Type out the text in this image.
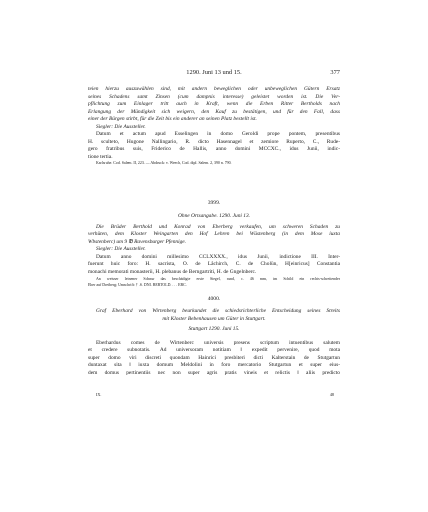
1290. Juni 13 und 15.	377
teien hierzu auszuwählen sind, mit andern beweglichen oder unbeweglichen Gütern Ersatz
seines Schadens samt Zinsen (cum dampnis interesse) geleistet worden ist. Die Ver-
pflichtung zum Einlager tritt auch in Kraft, wenn die Erben Ritter Bertholds nach
Erlangung der Mündigkeit sich weigern, den Kauf zu bestätigen, und für den Fall, dass
einer der Bürgen stirbt, für die Zeit bis ein anderer an seinen Platz bestellt ist.
Siegler: Die Aussteller.
Datum et actum apud Esselingen in domo Geroldi prope pontem, presentibus
H. sculteto, Hugone Nallingario, R. dicto Hasennagel et zemiore Ruperto, C., Rude-
gero fratribus suis, Friderico de Hallis, anno domini MCCXC., idus Junii, indic-
tione tertia.
Karlsruhe. Cod. Salem. II, 223. — Abdruck: v. Weech, Cod. dipl. Salem. 2, 390 n. 790.
3999.
Ohne Ortsangabe. 1290. Juni 13.
Die Brüder Berthold und Konrad von Eberberg verkaufen, um schweren Schaden zu
verhüten, dem Kloster Weingarten den Hof Lehren bei Wüstenberg (in dem Mose iuxta
Wbstenberc) um 9 ℔ Ravensburger Pfennige.
Siegler: Die Aussteller.
Datum anno domini millesimo CCLXXXX., idus Junii, indictione III. Inter-
fuerunt huic foro: H. sacrista, O. de Lâchirch, C. de Cholün, H[einricus] Constantia
monachi memorati monasterii, H. plebanus de Berngartriti, H. de Gngelnberc.
An weisser leinener Schnur das beschädigte erste Siegel, rund, c. 46 mm, im Schild ein rechts-schreitender
Eber auf Dreiberg; Umschrift: † .S. DNI. BERTOLD. . . . EBC.
4000.
Graf Eberhard von Wirtenberg beurkundet die schiedsrichterliche Entscheidung seines Streits
mit Kloster Bebenhausen um Güter in Stuttgart.
Stuttgart 1290. Juni 15.
Eberhardus comes de Wirtenberc universis presens scriptum intuentibus salutem
et credere subnotatis. Ad universoram notitiam ‖ expedit pervenire, quod mota
super domo viri discreti quondam Hainrici presbiteri dicti Kalterstain de Stutgartun
duntaxat sita ‖ iuxta domum Meldolini in foro mercatorio Stutgartun et super eius-
dem domus pertinentiis nec non super agris pratis vineis et relictis ‖ aliis predicto
IX.	48
